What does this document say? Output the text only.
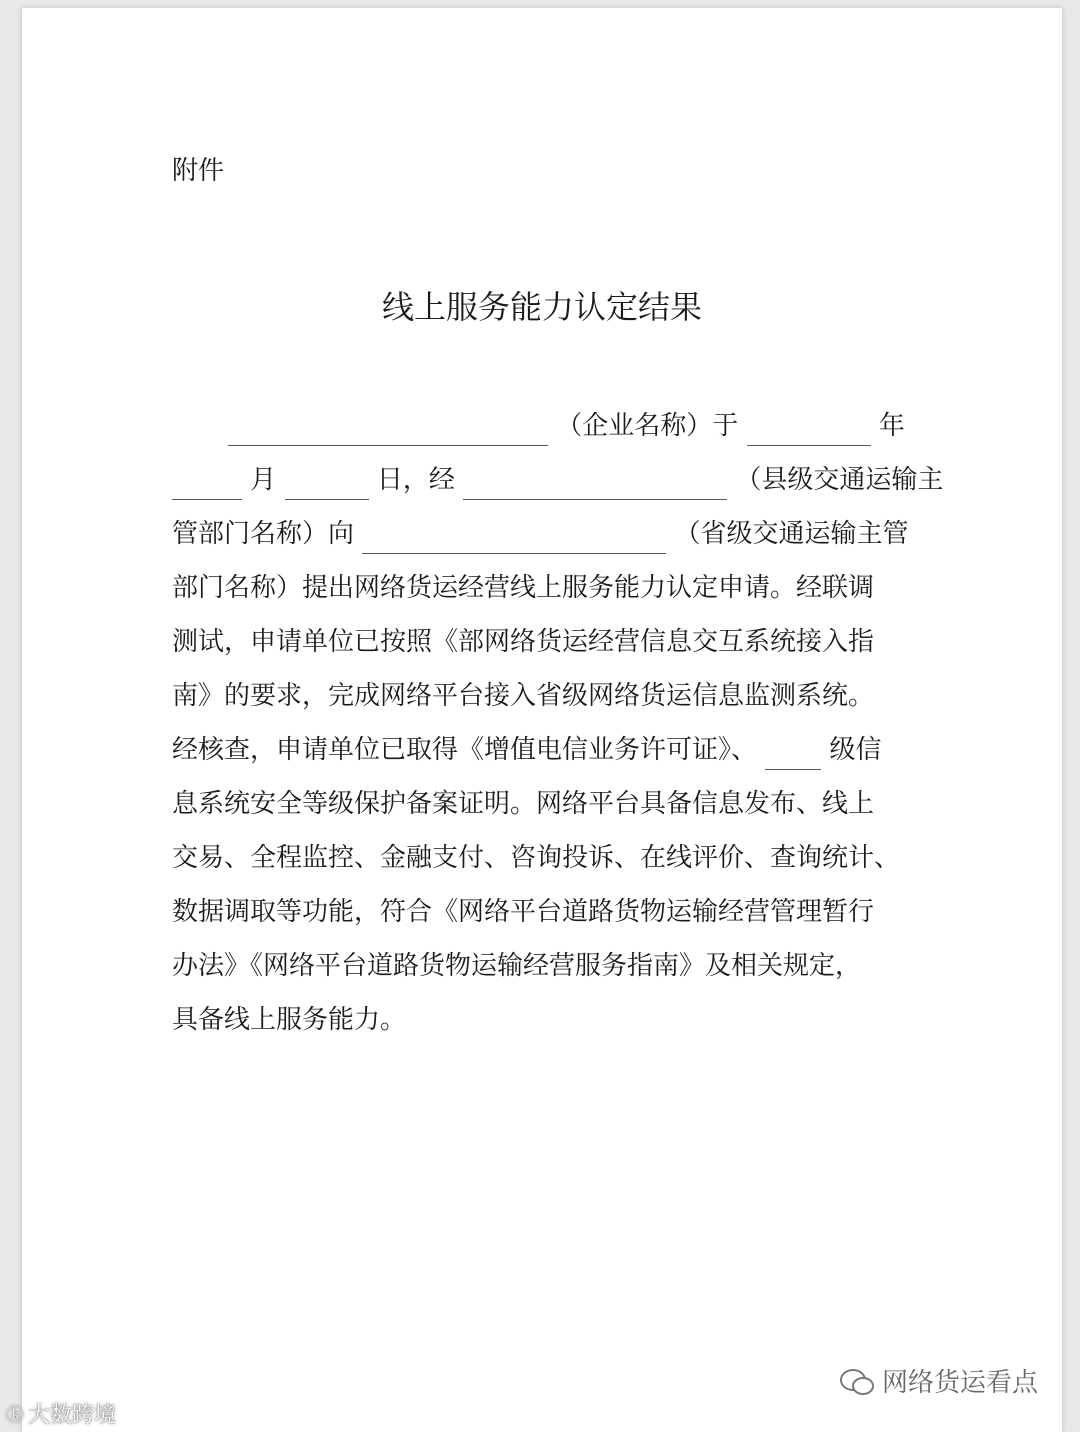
附件
线上服务能力认定结果
（企业名称）于	年
月	日，经	（县级交通运输主
管部门名称）向	（省级交通运输主管
部门名称）提出网络货运经营线上服务能力认定申请。经联调
测试，申请单位已按照《部网络货运经营信息交互系统接入指
南》的要求，完成网络平台接入省级网络货运信息监测系统。
经核查，申请单位已取得《增值电信业务许可证》、	级信
息系统安全等级保护备案证明。网络平台具备信息发布、线上
交易、全程监控、金融支付、咨询投诉、在线评价、查询统计、
数据调取等功能，符合《网络平台道路货物运输经营管理暂行
办法》《网络平台道路货物运输经营服务指南》及相关规定，
具备线上服务能力。
ⓚ 大数跨境
网络货运看点
